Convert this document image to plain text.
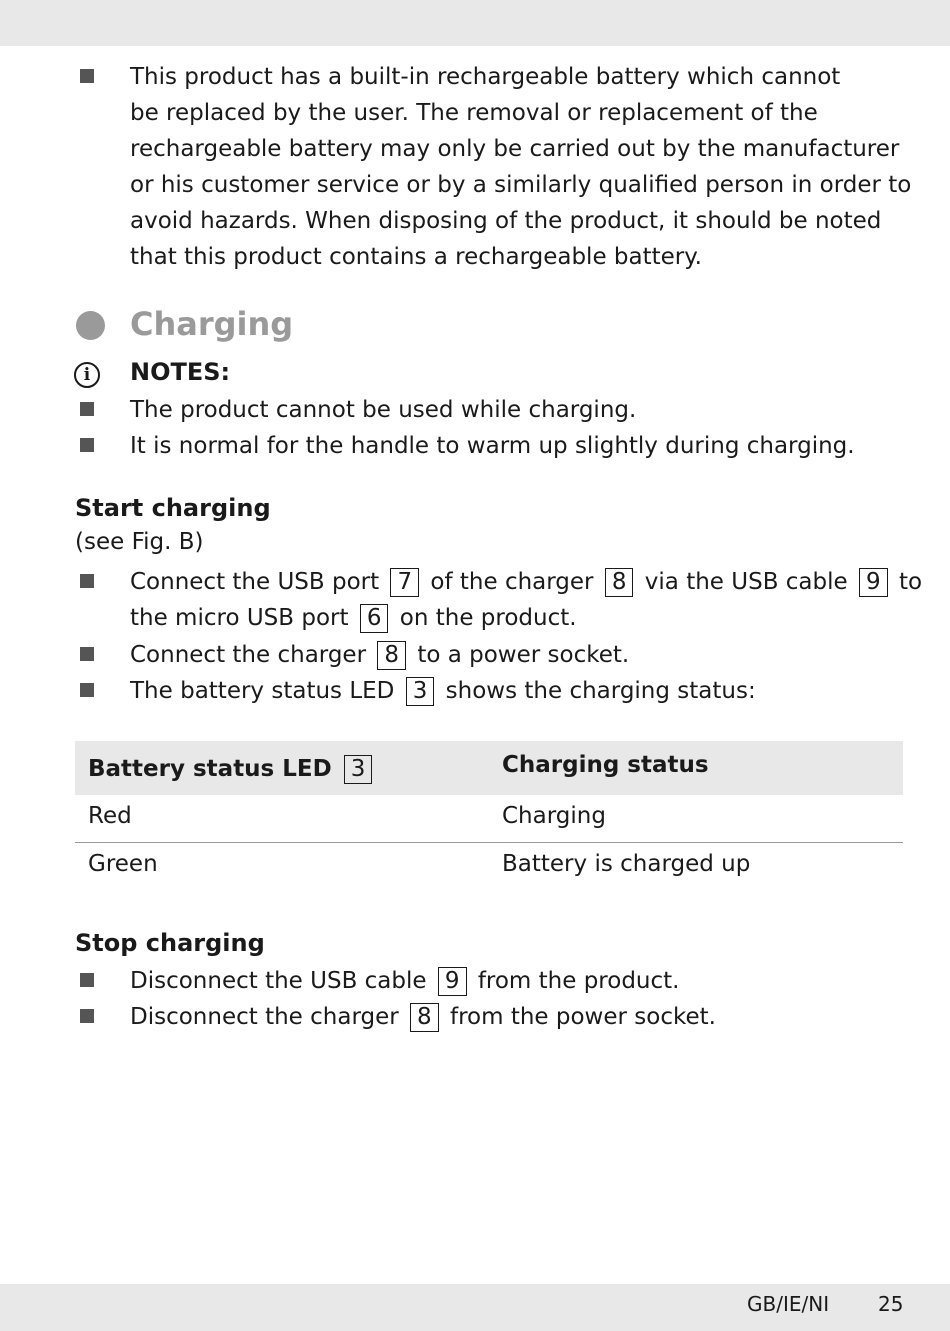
This product has a built-in rechargeable battery which cannot
be replaced by the user. The removal or replacement of the
rechargeable battery may only be carried out by the manufacturer
or his customer service or by a similarly qualified person in order to
avoid hazards. When disposing of the product, it should be noted
that this product contains a rechargeable battery.
Charging
i	NOTES:
The product cannot be used while charging.
It is normal for the handle to warm up slightly during charging.
Start charging
(see Fig. B)
Connect the USB port 7 of the charger 8 via the USB cable 9 to
the micro USB port 6 on the product.
Connect the charger 8 to a power socket.
The battery status LED 3 shows the charging status:
Battery status LED 3	Charging status
Red	Charging
Green	Battery is charged up
Stop charging
Disconnect the USB cable 9 from the product.
Disconnect the charger 8 from the power socket.
GB/IE/NI 25
